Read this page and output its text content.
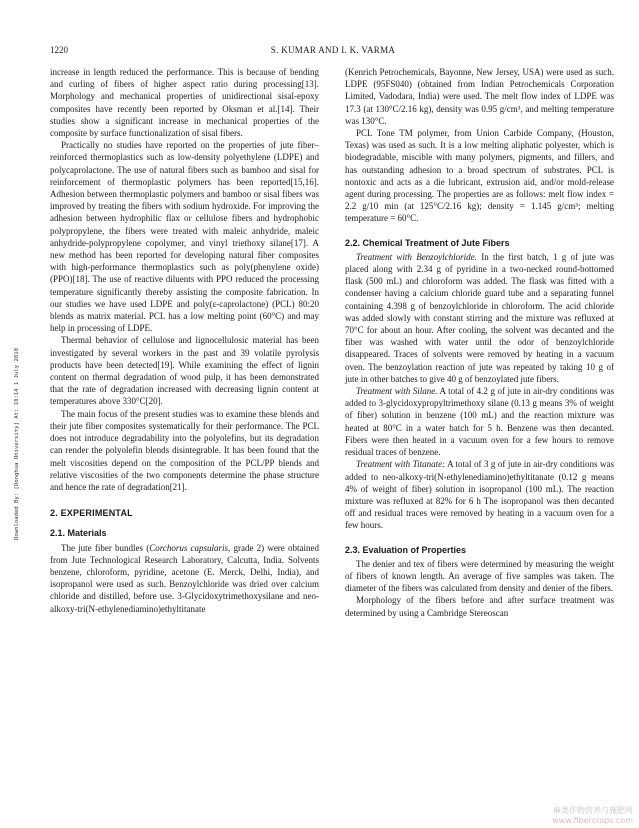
1220	S. KUMAR AND I. K. VARMA
Downloaded By: [Donghua University] At: 10:14 1 July 2010

increase in length reduced the performance. This is because of bending and curling of fibers of higher aspect ratio during processing[13]. Morphology and mechanical properties of unidirectional sisal-epoxy composites have recently been reported by Oksman et al.[14]. Their studies show a significant increase in mechanical properties of the composite by surface functionalization of sisal fibers.

Practically no studies have reported on the properties of jute fiber–reinforced thermoplastics such as low-density polyethylene (LDPE) and polycaprolactone. The use of natural fibers such as bamboo and sisal for reinforcement of thermoplastic polymers has been reported[15,16]. Adhesion between thermoplastic polymers and bamboo or sisal fibers was improved by treating the fibers with sodium hydroxide. For improving the adhesion between hydrophilic flax or cellulose fibers and hydrophobic polypropylene, the fibers were treated with maleic anhydride, maleic anhydride-polypropylene copolymer, and vinyl triethoxy silane[17]. A new method has been reported for developing natural fiber composites with high-performance thermoplastics such as poly(phenylene oxide) (PPO)[18]. The use of reactive diluents with PPO reduced the processing temperature significantly thereby assisting the composite fabrication. In our studies we have used LDPE and poly(ε-caprolactone) (PCL) 80:20 blends as matrix material. PCL has a low melting point (60°C) and may help in processing of LDPE.

Thermal behavior of cellulose and lignocellulosic material has been investigated by several workers in the past and 39 volatile pyrolysis products have been detected[19]. While examining the effect of lignin content on thermal degradation of wood pulp, it has been demonstrated that the rate of degradation increased with decreasing lignin content at temperatures above 330°C[20].

The main focus of the present studies was to examine these blends and their jute fiber composites systematically for their performance. The PCL does not introduce degradability into the polyolefins, but its degradation can render the polyolefin blends disintegrable. It has been found that the melt viscosities depend on the composition of the PCL/PP blends and relative viscosities of the two components determine the phase structure and hence the rate of degradation[21].

2. EXPERIMENTAL
2.1. Materials

The jute fiber bundles (Corchorus capsularis, grade 2) were obtained from Jute Technological Research Laboratory, Calcutta, India. Solvents benzene, chloroform, pyridine, acetone (E. Merck, Delhi, India), and isopropanol were used as such. Benzoylchloride was dried over calcium chloride and distilled, before use. 3-Glycidoxytrimethoxysilane and neo-alkoxy-tri(N-ethylenediamino)ethyltitanate

(Kenrich Petrochemicals, Bayonne, New Jersey, USA) were used as such. LDPE (95FS040) (obtained from Indian Petrochemicals Corporation Limited, Vadodara, India) were used. The melt flow index of LDPE was 17.3 (at 130°C/2.16 kg), density was 0.95 g/cm³, and melting temperature was 130°C.

PCL Tone TM polymer, from Union Carbide Company, (Houston, Texas) was used as such. It is a low melting aliphatic polyester, which is biodegradable, miscible with many polymers, pigments, and fillers, and has outstanding adhesion to a broad spectrum of substrates. PCL is nontoxic and acts as a die lubricant, extrusion aid, and/or mold-release agent during processing. The properties are as follows: melt flow index = 2.2 g/10 min (at 125°C/2.16 kg); density = 1.145 g/cm³; melting temperature = 60°C.

2.2. Chemical Treatment of Jute Fibers

Treatment with Benzoylchloride. In the first batch, 1 g of jute was placed along with 2.34 g of pyridine in a two-necked round-bottomed flask (500 mL) and chloroform was added. The flask was fitted with a condenser having a calcium chloride guard tube and a separating funnel containing 4.398 g of benzoylchloride in chloroform. The acid chloride was added slowly with constant stirring and the mixture was refluxed at 70°C for about an hour. After cooling, the solvent was decanted and the fiber was washed with water until the odor of benzoylchloride disappeared. Traces of solvents were removed by heating in a vacuum oven. The benzoylation reaction of jute was repeated by taking 10 g of jute in other batches to give 40 g of benzoylated jute fibers.

Treatment with Silane. A total of 4.2 g of jute in air-dry conditions was added to 3-glycidoxypropyltrimethoxy silane (0.13 g means 3% of weight of fiber) solution in benzene (100 mL) and the reaction mixture was heated at 80°C in a water batch for 5 h. Benzene was then decanted. Fibers were then heated in a vacuum oven for a few hours to remove residual traces of benzene.

Treatment with Titanate: A total of 3 g of jute in air-dry conditions was added to neo-alkoxy-tri(N-ethylenediamino)ethyltitanate (0.12 g means 4% of weight of fiber) solution in isopropanol (100 mL). The reaction mixture was refluxed at 82% for 6 h The isopropanol was then decanted off and residual traces were removed by heating in a vacuum oven for a few hours.

2.3. Evaluation of Properties

The denier and tex of fibers were determined by measuring the weight of fibers of known length. An average of five samples was taken. The diameter of the fibers was calculated from density and denier of the fibers.

Morphology of the fibers before and after surface treatment was determined by using a Cambridge Stereoscan

麻类作物营养与施肥网
www.fibercrops.com
